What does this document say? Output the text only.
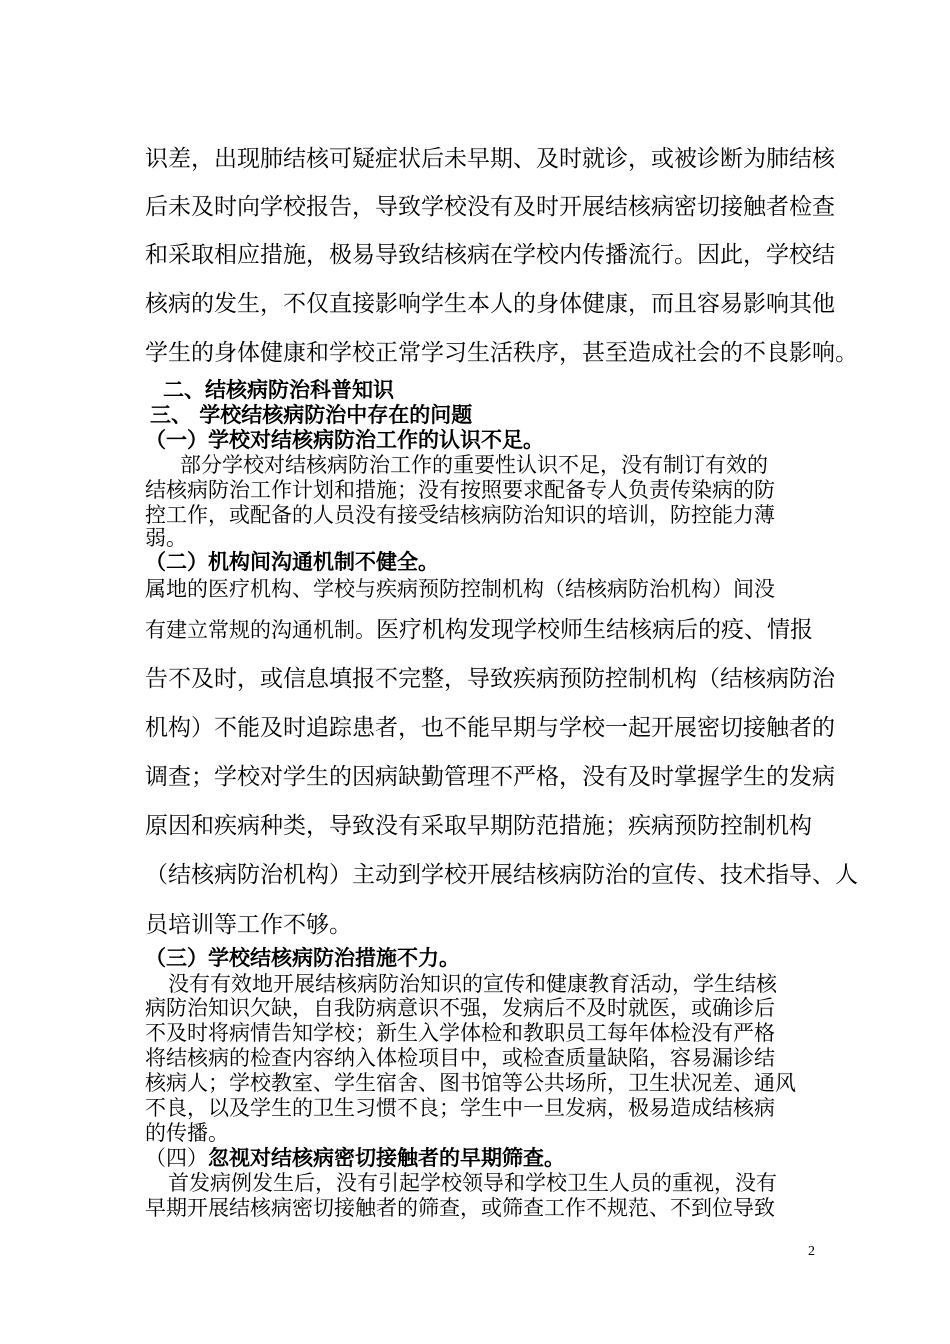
识差，出现肺结核可疑症状后未早期、及时就诊，或被诊断为肺结核
后未及时向学校报告，导致学校没有及时开展结核病密切接触者检查
和采取相应措施，极易导致结核病在学校内传播流行。因此，学校结
核病的发生，不仅直接影响学生本人的身体健康，而且容易影响其他
学生的身体健康和学校正常学习生活秩序，甚至造成社会的不良影响。
二、结核病防治科普知识
三、 学校结核病防治中存在的问题
（一）学校对结核病防治工作的认识不足。
部分学校对结核病防治工作的重要性认识不足，没有制订有效的
结核病防治工作计划和措施；没有按照要求配备专人负责传染病的防
控工作，或配备的人员没有接受结核病防治知识的培训，防控能力薄
弱。
（二）机构间沟通机制不健全。
属地的医疗机构、学校与疾病预防控制机构（结核病防治机构）间没
有建立常规的沟通机制。医疗机构发现学校师生结核病后的疫、情报
告不及时，或信息填报不完整，导致疾病预防控制机构（结核病防治
机构）不能及时追踪患者，也不能早期与学校一起开展密切接触者的
调查；学校对学生的因病缺勤管理不严格，没有及时掌握学生的发病
原因和疾病种类，导致没有采取早期防范措施；疾病预防控制机构
（结核病防治机构）主动到学校开展结核病防治的宣传、技术指导、人
员培训等工作不够。
（三）学校结核病防治措施不力。
没有有效地开展结核病防治知识的宣传和健康教育活动，学生结核
病防治知识欠缺，自我防病意识不强，发病后不及时就医，或确诊后
不及时将病情告知学校；新生入学体检和教职员工每年体检没有严格
将结核病的检查内容纳入体检项目中，或检查质量缺陷，容易漏诊结
核病人；学校教室、学生宿舍、图书馆等公共场所，卫生状况差、通风
不良，以及学生的卫生习惯不良；学生中一旦发病，极易造成结核病
的传播。
（四）忽视对结核病密切接触者的早期筛查。
首发病例发生后，没有引起学校领导和学校卫生人员的重视，没有
早期开展结核病密切接触者的筛查，或筛查工作不规范、不到位导致
2
